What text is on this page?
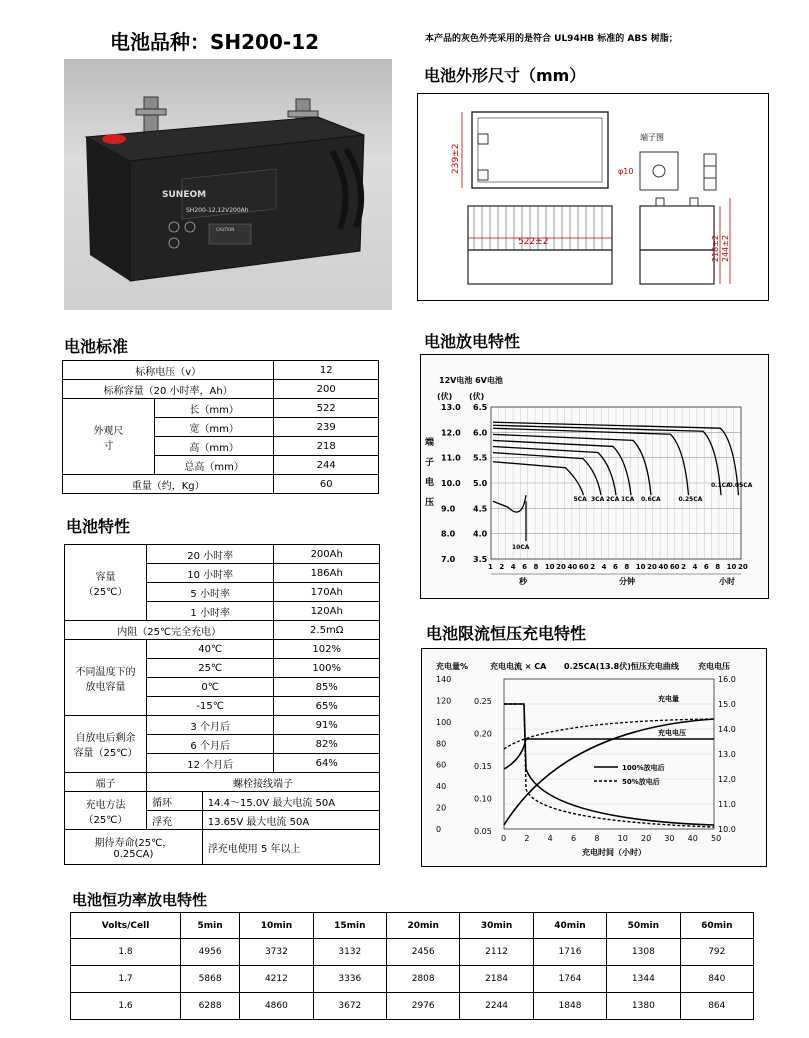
电池品种：SH200-12	本产品的灰色外壳采用的是符合 UL94HB 标准的 ABS 树脂；
SUNEOM
SH200-12,12V200Ah
CAUTION
电池外形尺寸（mm）
239±2
522±2
端子图
φ10
218±2 244±2
电池标准
标称电压（v）		12
标称容量（20 小时率，Ah）		200
外观尺寸	长（mm）	522
	宽（mm）	239
	高（mm）	218
	总高（mm）	244
重量（约，Kg）		60
电池特性
容量（25℃）	20 小时率		200Ah
	10 小时率		186Ah
	5 小时率		170Ah
	1 小时率		120Ah
内阻（25℃完全充电）			2.5mΩ
不同温度下的放电容量	40℃		102%
	25℃		100%
	0℃		85%
	-15℃		65%
自放电后剩余容量（25℃）	3 个月后		91%
	6 个月后		82%
	12 个月后		64%
端子	螺栓接线端子		
充电方法（25℃）	循环	14.4～15.0V 最大电流 50A	
	浮充	13.65V 最大电流 50A	
期待寿命(25℃，0.25CA)		浮充电使用 5 年以上	
电池放电特性
12V电池 6V电池
(伏) (伏)
端
子
电
压
13.0 6.5
12.0 6.0
11.0 5.5
10.0 5.0
9.0 4.5
8.0 4.0
7.0 3.5
1 2 4 6 8 10 20 40 60 2 4 6 8 10 20 40 60 2 4 6 8 10 20
秒	分钟	小时
10CA
5CA 3CA 2CA 1CA 0.6CA	0.25CA
0.1CA
0.05CA
电池限流恒压充电特性
充电量%	充电电流 × CA 0.25CA(13.8伏)恒压充电曲线 充电电压
140
120
100
80
60
40
20
0
0.25
0.20
0.15
0.10
0.05
16.0
15.0
14.0
13.0
12.0
11.0
10.0
0 2 4 6 8 10 20 30 40 50
充电时间（小时）
充电量
充电电压
100%放电后
50%放电后
电池恒功率放电特性
Volts/Cell	5min	10min	15min	20min	30min	40min	50min	60min
1.8	4956	3732	3132	2456	2112	1716	1308	792
1.7	5868	4212	3336	2808	2184	1764	1344	840
1.6	6288	4860	3672	2976	2244	1848	1380	864
